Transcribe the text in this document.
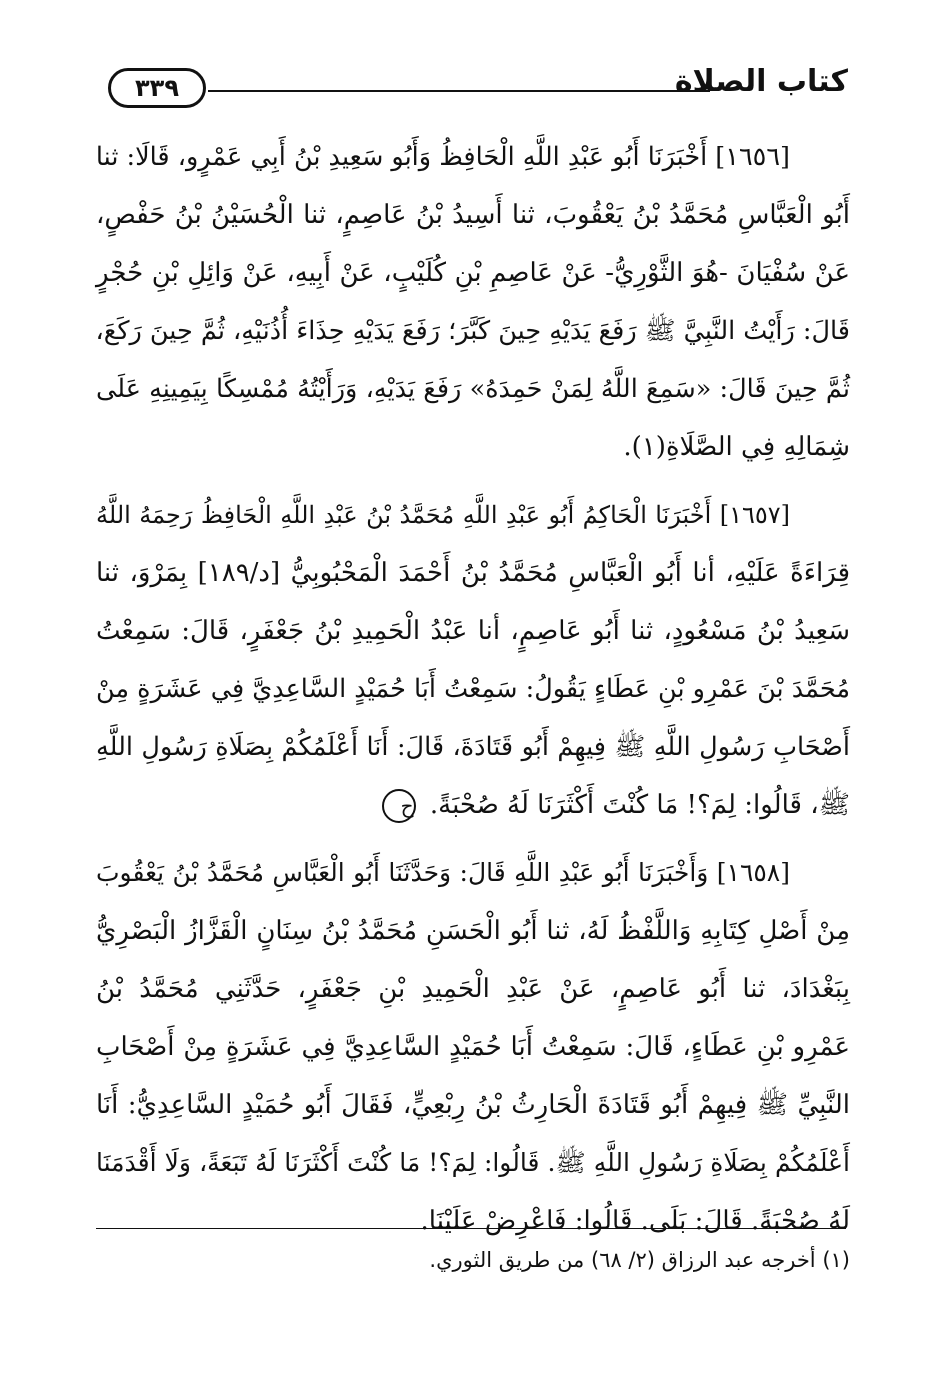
٣٣٩	كتاب الصلاة
[١٦٥٦] أَخْبَرَنَا أَبُو عَبْدِ اللَّهِ الْحَافِظُ وَأَبُو سَعِيدِ بْنُ أَبِي عَمْرٍو، قَالَا: ثنا
أَبُو الْعَبَّاسِ مُحَمَّدُ بْنُ يَعْقُوبَ، ثنا أَسِيدُ بْنُ عَاصِمٍ، ثنا الْحُسَيْنُ بْنُ حَفْصٍ،
عَنْ سُفْيَانَ -هُوَ الثَّوْرِيُّ- عَنْ عَاصِمِ بْنِ كُلَيْبٍ، عَنْ أَبِيهِ، عَنْ وَائِلِ بْنِ حُجْرٍ
قَالَ: رَأَيْتُ النَّبِيَّ ﷺ رَفَعَ يَدَيْهِ حِينَ كَبَّرَ؛ رَفَعَ يَدَيْهِ حِذَاءَ أُذُنَيْهِ، ثُمَّ حِينَ رَكَعَ،
ثُمَّ حِينَ قَالَ: «سَمِعَ اللَّهُ لِمَنْ حَمِدَهُ» رَفَعَ يَدَيْهِ، وَرَأَيْتُهُ مُمْسِكًا بِيَمِينِهِ عَلَى
شِمَالِهِ فِي الصَّلَاةِ(١).
[١٦٥٧] أَخْبَرَنَا الْحَاكِمُ أَبُو عَبْدِ اللَّهِ مُحَمَّدُ بْنُ عَبْدِ اللَّهِ الْحَافِظُ رَحِمَهُ اللَّهُ
قِرَاءَةً عَلَيْهِ، أنا أَبُو الْعَبَّاسِ مُحَمَّدُ بْنُ أَحْمَدَ الْمَحْبُوبِيُّ [د/١٨٩] بِمَرْوَ، ثنا
سَعِيدُ بْنُ مَسْعُودٍ، ثنا أَبُو عَاصِمٍ، أنا عَبْدُ الْحَمِيدِ بْنُ جَعْفَرٍ، قَالَ: سَمِعْتُ
مُحَمَّدَ بْنَ عَمْرِو بْنِ عَطَاءٍ يَقُولُ: سَمِعْتُ أَبَا حُمَيْدٍ السَّاعِدِيَّ فِي عَشَرَةٍ مِنْ
أَصْحَابِ رَسُولِ اللَّهِ ﷺ فِيهِمْ أَبُو قَتَادَةَ، قَالَ: أَنَا أَعْلَمُكُمْ بِصَلَاةِ رَسُولِ اللَّهِ
ﷺ، قَالُوا: لِمَ؟! مَا كُنْتَ أَكْثَرَنَا لَهُ صُحْبَةً. ح
[١٦٥٨] وَأَخْبَرَنَا أَبُو عَبْدِ اللَّهِ قَالَ: وَحَدَّثَنَا أَبُو الْعَبَّاسِ مُحَمَّدُ بْنُ يَعْقُوبَ
مِنْ أَصْلِ كِتَابِهِ وَاللَّفْظُ لَهُ، ثنا أَبُو الْحَسَنِ مُحَمَّدُ بْنُ سِنَانٍ الْقَزَّازُ الْبَصْرِيُّ
بِبَغْدَادَ، ثنا أَبُو عَاصِمٍ، عَنْ عَبْدِ الْحَمِيدِ بْنِ جَعْفَرٍ، حَدَّثَنِي مُحَمَّدُ بْنُ
عَمْرِو بْنِ عَطَاءٍ، قَالَ: سَمِعْتُ أَبَا حُمَيْدٍ السَّاعِدِيَّ فِي عَشَرَةٍ مِنْ أَصْحَابِ
النَّبِيِّ ﷺ فِيهِمْ أَبُو قَتَادَةَ الْحَارِثُ بْنُ رِبْعِيٍّ، فَقَالَ أَبُو حُمَيْدٍ السَّاعِدِيُّ: أَنَا
أَعْلَمُكُمْ بِصَلَاةِ رَسُولِ اللَّهِ ﷺ. قَالُوا: لِمَ؟! مَا كُنْتَ أَكْثَرَنَا لَهُ تَبَعَةً، وَلَا أَقْدَمَنَا
لَهُ صُحْبَةً. قَالَ: بَلَى. قَالُوا: فَاعْرِضْ عَلَيْنَا.
(١) أخرجه عبد الرزاق (٢/ ٦٨) من طريق الثوري.
